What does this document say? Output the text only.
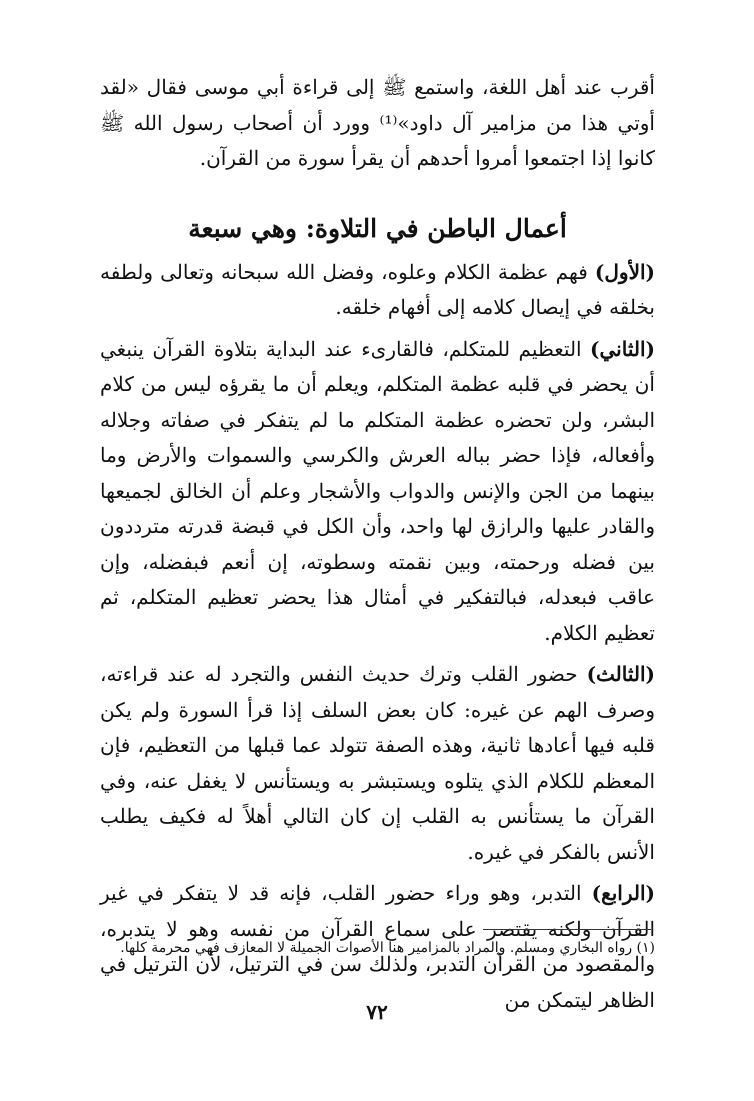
أقرب عند أهل اللغة، واستمع ﷺ إلى قراءة أبي موسى فقال «لقد أوتي هذا من مزامير آل داود»⁽¹⁾ وورد أن أصحاب رسول الله ﷺ كانوا إذا اجتمعوا أمروا أحدهم أن يقرأ سورة من القرآن.

أعمال الباطن في التلاوة: وهي سبعة

(الأول) فهم عظمة الكلام وعلوه، وفضل الله سبحانه وتعالى ولطفه بخلقه في إيصال كلامه إلى أفهام خلقه.

(الثاني) التعظيم للمتكلم، فالقارىء عند البداية بتلاوة القرآن ينبغي أن يحضر في قلبه عظمة المتكلم، ويعلم أن ما يقرؤه ليس من كلام البشر، ولن تحضره عظمة المتكلم ما لم يتفكر في صفاته وجلاله وأفعاله، فإذا حضر بباله العرش والكرسي والسموات والأرض وما بينهما من الجن والإنس والدواب والأشجار وعلم أن الخالق لجميعها والقادر عليها والرازق لها واحد، وأن الكل في قبضة قدرته مترددون بين فضله ورحمته، وبين نقمته وسطوته، إن أنعم فبفضله، وإن عاقب فبعدله، فبالتفكير في أمثال هذا يحضر تعظيم المتكلم، ثم تعظيم الكلام.

(الثالث) حضور القلب وترك حديث النفس والتجرد له عند قراءته، وصرف الهم عن غيره: كان بعض السلف إذا قرأ السورة ولم يكن قلبه فيها أعادها ثانية، وهذه الصفة تتولد عما قبلها من التعظيم، فإن المعظم للكلام الذي يتلوه ويستبشر به ويستأنس لا يغفل عنه، وفي القرآن ما يستأنس به القلب إن كان التالي أهلاً له فكيف يطلب الأنس بالفكر في غيره.

(الرابع) التدبر، وهو وراء حضور القلب، فإنه قد لا يتفكر في غير القرآن ولكنه يقتصر على سماع القرآن من نفسه وهو لا يتدبره، والمقصود من القرآن التدبر، ولذلك سن في الترتيل، لأن الترتيل في الظاهر ليتمكن من

(١) رواه البخاري ومسلم. والمراد بالمزامير هنا الأصوات الجميلة لا المعازف فهي محرمة كلها.
٧٢
